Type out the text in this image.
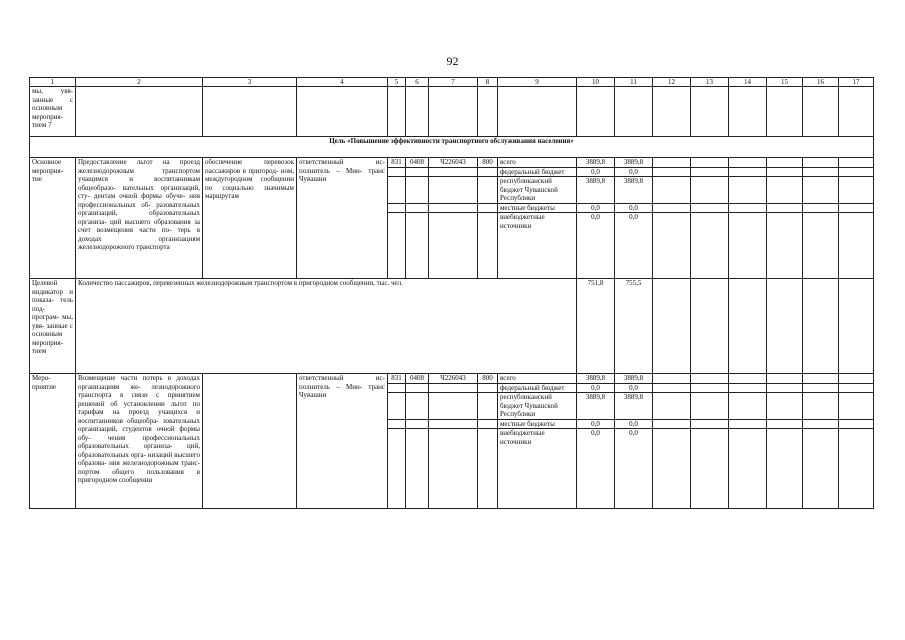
92
1	2	3	4	5	6	7	8	9	10	11	12	13	14	15	16	17
мы, увя- занные с основным мероприя- тием 7																
Цель «Повышение эффективности транспортного обслуживания населения»																
Основное мероприя- тие	Предоставление льгот на проезд железнодорожным транспортом учащимся и воспитанникам общеобразо- вательных организаций, сту- дентам очной формы обуче- ния профессиональных об- разовательных организаций, образовательных организа- ций высшего образования за счет возмещения части по- терь в доходах организациям железнодорожного транспорта	обеспечение перевозок пассажиров в пригород- ном, междугородном сообщении по социально значимым маршрутам	ответственный ис- полнитель – Мин- транс Чувашии	831	0408	Ч226043	800	всего	3889,8	3889,8						
								федеральный бюджет	0,0	0,0						
								республиканский бюджет Чувашской Республики	3889,8	3889,8						
								местные бюджеты	0,0	0,0						
								внебюджетные источники	0,0	0,0						
Целевой индикатор и показа- тель под- програм- мы, увя- занные с основным мероприя- тием	Количество пассажиров, перевезенных железнодорожным транспортом в пригородном сообщении, тыс. чел.								751,8	755,5						
Меро- приятие	Возмещение части потерь в доходах организациям же- лезнодорожного транспорта в связи с принятием решений об установлении льгот по тарифам на проезд учащихся и воспитанников общеобра- зовательных организаций, студентов очной формы обу- чения профессиональных образовательных организа- ций, образовательных орга- низаций высшего образова- ния железнодорожным транс- портом общего пользования в пригородном сообщении		ответственный ис- полнитель – Мин- транс Чувашии	831	0408	Ч226043	800	всего	3889,8	3889,8						
								федеральный бюджет	0,0	0,0						
								республиканский бюджет Чувашской Республики	3889,8	3889,8						
								местные бюджеты	0,0	0,0						
								внебюджетные источники	0,0	0,0						
